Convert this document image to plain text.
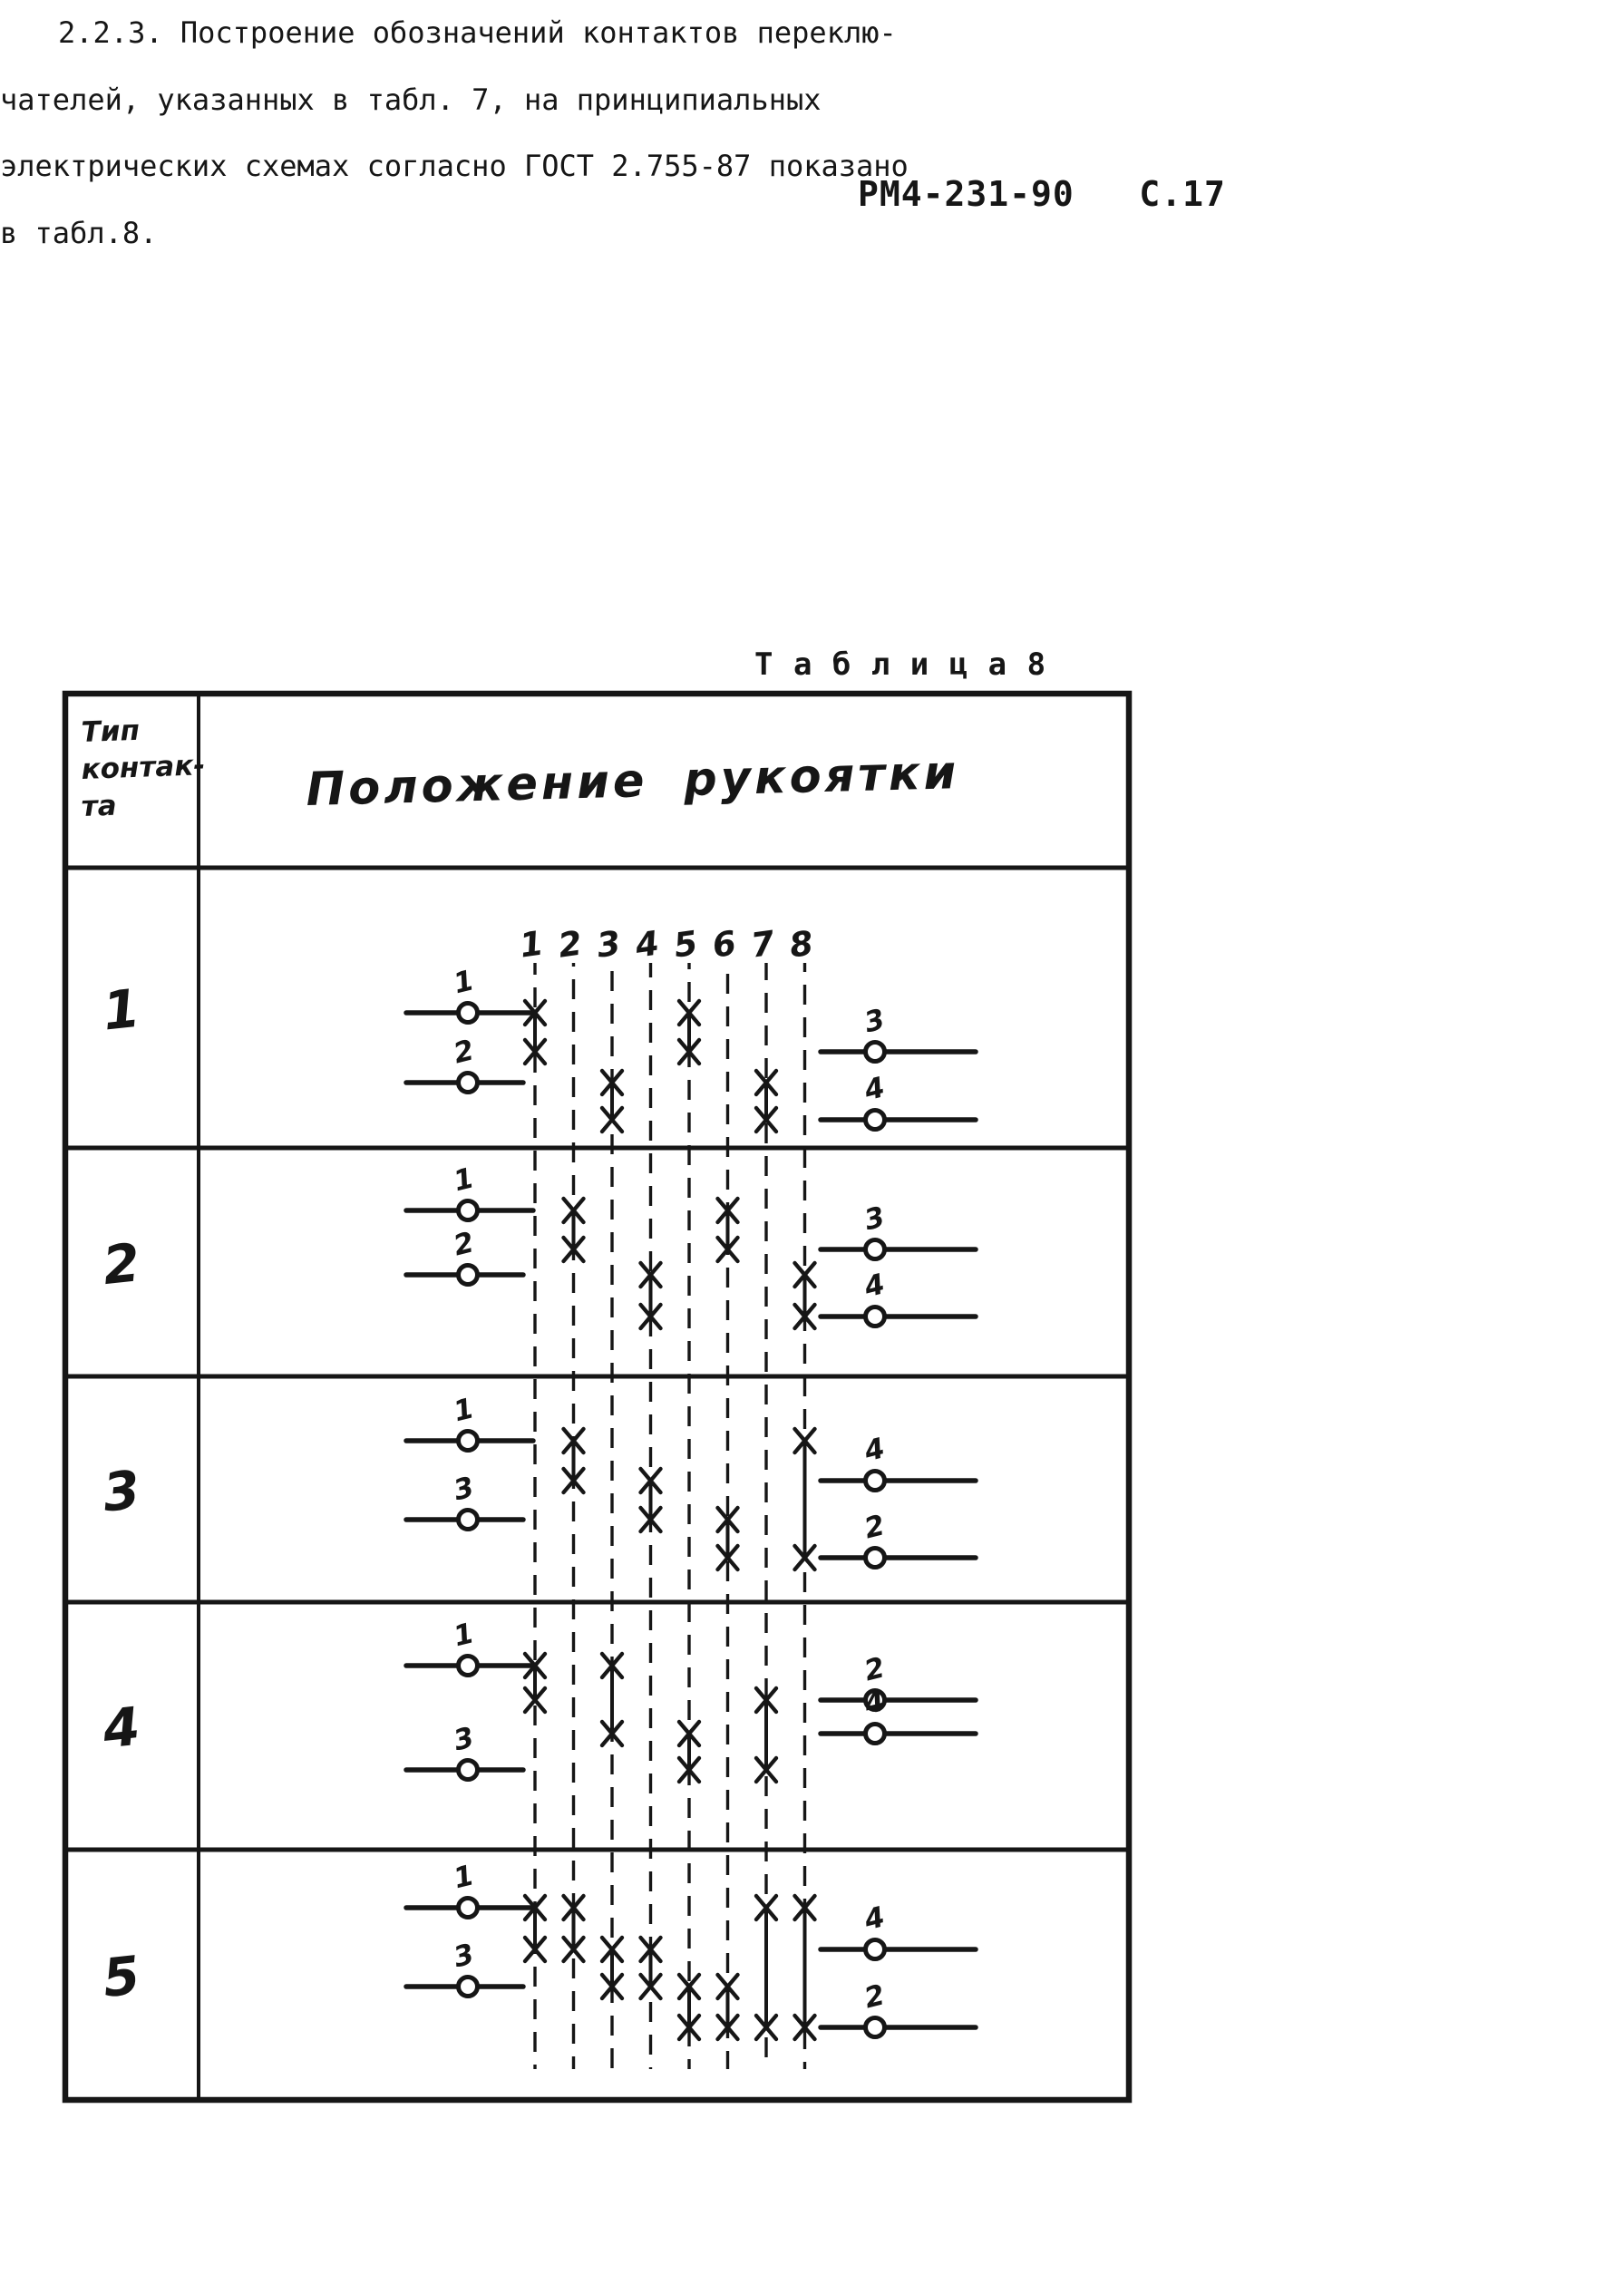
РМ4-231-90   С.17
2.2.3. Построение обозначений контактов переклю-
чателей, указанных в табл. 7, на принципиальных
электрических схемах согласно ГОСТ 2.755-87 показано
в табл.8.
Т а б л и ц а 8
Тип
контак-
та	Положение рукоятки
1 2 3 4 5 6 7 8
1	1
2
3
4
2
1
2
3
4
3
1
3
4
2
4
1
3
2
4
5
1
3
4
2
